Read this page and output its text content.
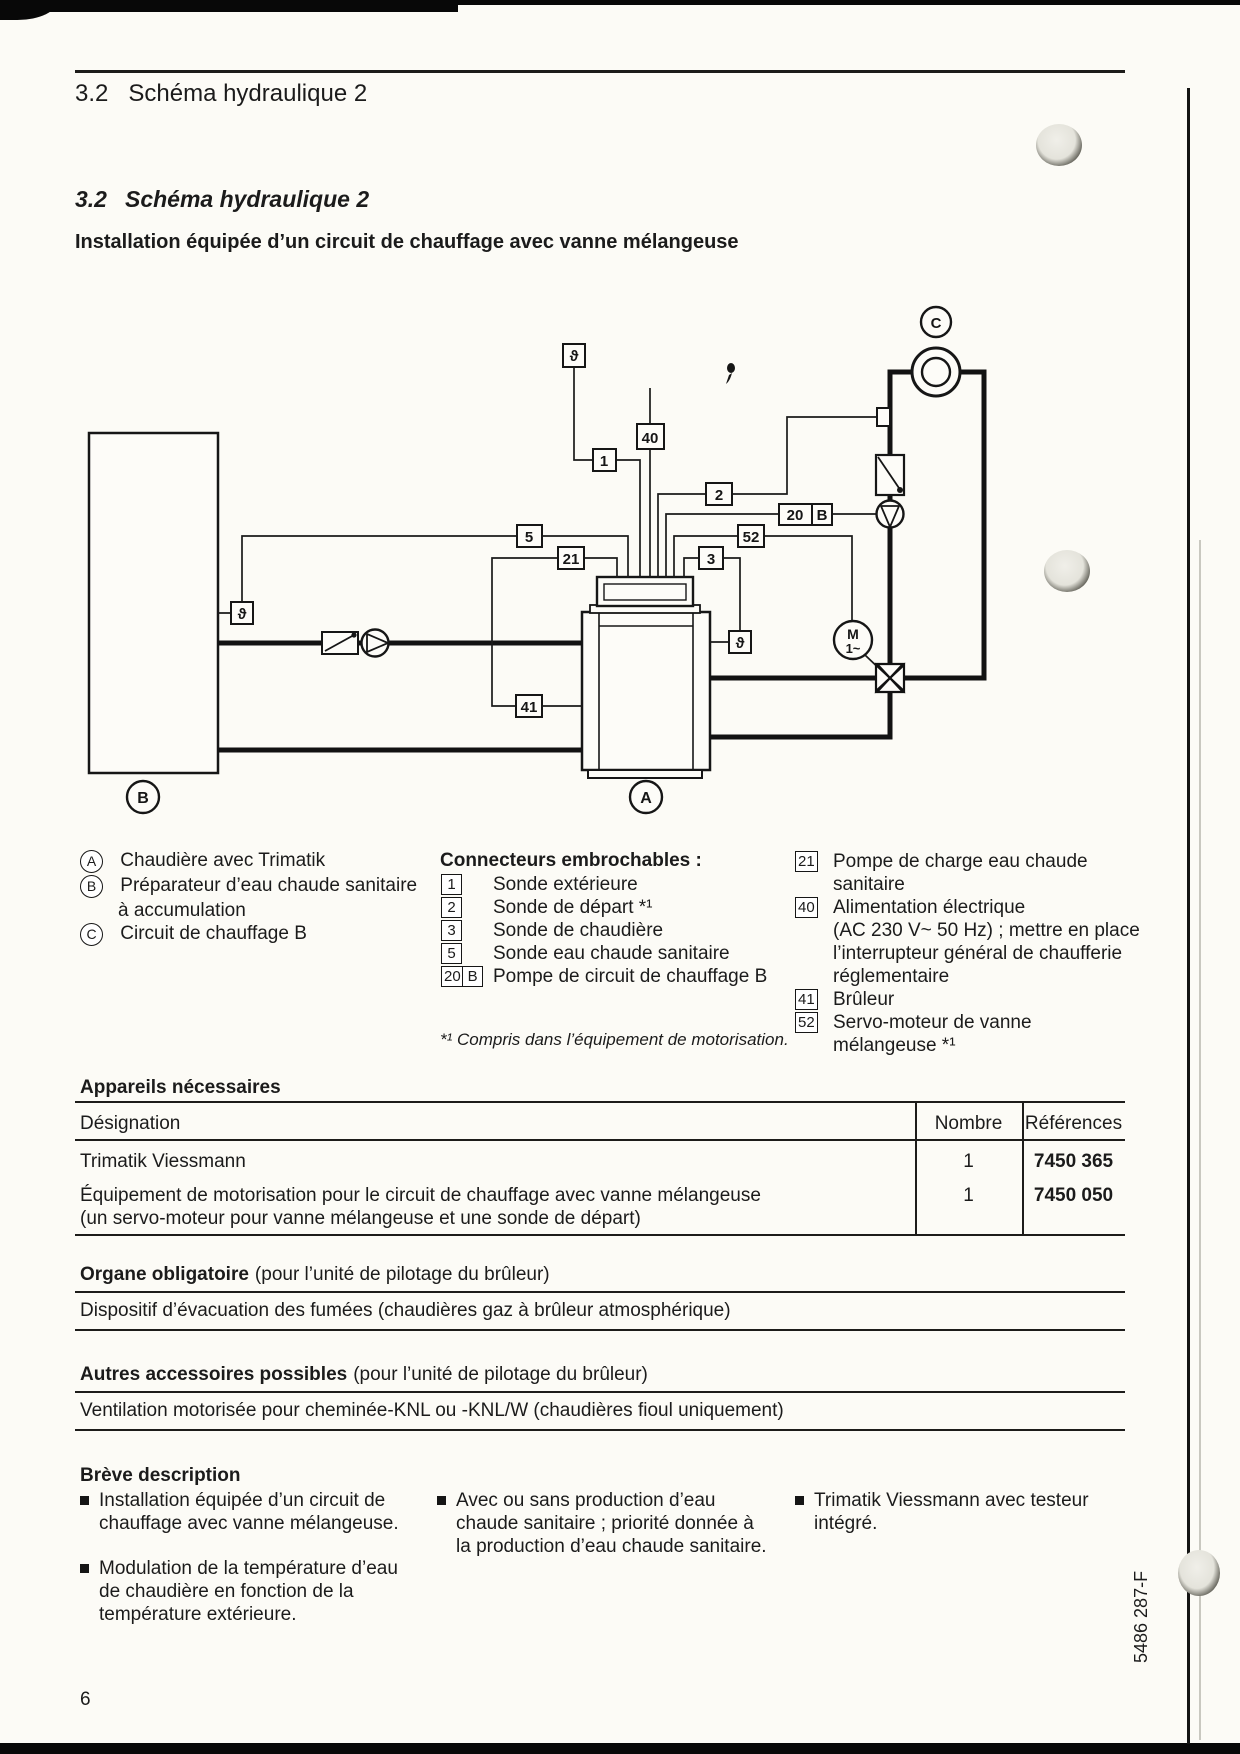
3.2 Schéma hydraulique 2
3.2 Schéma hydraulique 2
Installation équipée d’un circuit de chauffage avec vanne mélangeuse
M
1~
ϑ
1
40
2
20 B
5	52
21	3
41
ϑ
ϑ
C
A
B
A Chaudière avec Trimatik
B Préparateur d’eau chaude sanitaire
à accumulation
C Circuit de chauffage B
Connecteurs embrochables :
1	Sonde extérieure
2	Sonde de départ *¹
3	Sonde de chaudière
5	Sonde eau chaude sanitaire
20 B Pompe de circuit de chauffage B
*¹ Compris dans l’équipement de motorisation.
21 Pompe de charge eau chaude
sanitaire
40 Alimentation électrique
(AC 230 V~ 50 Hz) ; mettre en place
l’interrupteur général de chaufferie
réglementaire
41 Brûleur
52 Servo-moteur de vanne
mélangeuse *¹
Appareils nécessaires
Désignation	Nombre	Références
Trimatik Viessmann	1	7450 365
Équipement de motorisation pour le circuit de chauffage avec vanne mélangeuse
(un servo-moteur pour vanne mélangeuse et une sonde de départ)
1	7450 050
Organe obligatoire (pour l’unité de pilotage du brûleur)
Dispositif d’évacuation des fumées (chaudières gaz à brûleur atmosphérique)
Autres accessoires possibles (pour l’unité de pilotage du brûleur)
Ventilation motorisée pour cheminée-KNL ou -KNL/W (chaudières fioul uniquement)
Brève description
Installation équipée d’un circuit de
chauffage avec vanne mélangeuse.
Modulation de la température d’eau
de chaudière en fonction de la
température extérieure.
Avec ou sans production d’eau
chaude sanitaire ; priorité donnée à
la production d’eau chaude sanitaire.
Trimatik Viessmann avec testeur
intégré.
6
5486 287-F
